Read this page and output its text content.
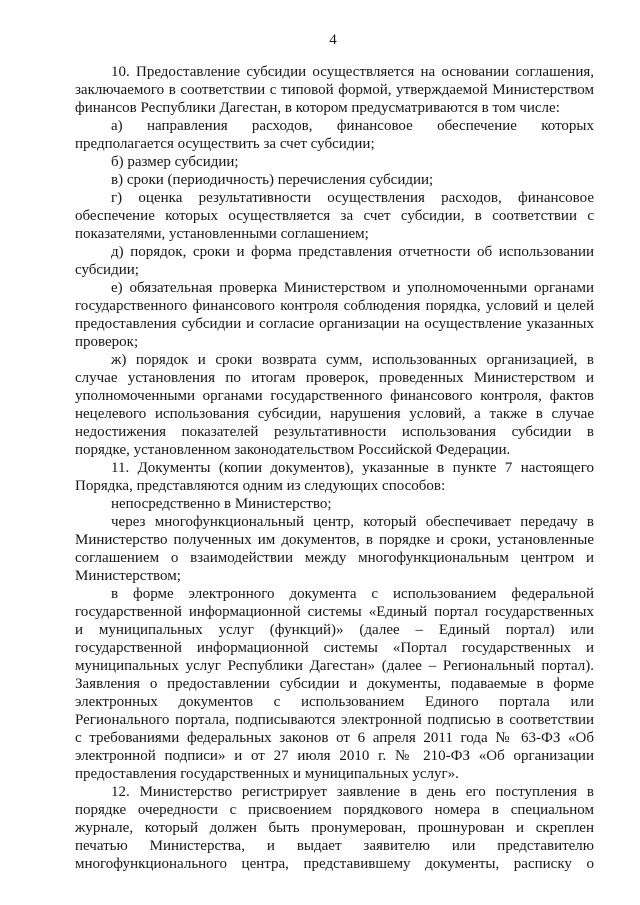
4
10. Предоставление субсидии осуществляется на основании соглашения,
заключаемого в соответствии с типовой формой, утверждаемой Министерством
финансов Республики Дагестан, в котором предусматриваются в том числе:
а) направления расходов, финансовое обеспечение которых
предполагается осуществить за счет субсидии;
б) размер субсидии;
в) сроки (периодичность) перечисления субсидии;
г) оценка результативности осуществления расходов, финансовое
обеспечение которых осуществляется за счет субсидии, в соответствии с
показателями, установленными соглашением;
д) порядок, сроки и форма представления отчетности об использовании
субсидии;
е) обязательная проверка Министерством и уполномоченными органами
государственного финансового контроля соблюдения порядка, условий и целей
предоставления субсидии и согласие организации на осуществление указанных
проверок;
ж) порядок и сроки возврата сумм, использованных организацией, в
случае установления по итогам проверок, проведенных Министерством и
уполномоченными органами государственного финансового контроля, фактов
нецелевого использования субсидии, нарушения условий, а также в случае
недостижения показателей результативности использования субсидии в
порядке, установленном законодательством Российской Федерации.
11. Документы (копии документов), указанные в пункте 7 настоящего
Порядка, представляются одним из следующих способов:
непосредственно в Министерство;
через многофункциональный центр, который обеспечивает передачу в
Министерство полученных им документов, в порядке и сроки, установленные
соглашением о взаимодействии между многофункциональным центром и
Министерством;
в форме электронного документа с использованием федеральной
государственной информационной системы «Единый портал государственных
и муниципальных услуг (функций)» (далее – Единый портал) или
государственной информационной системы «Портал государственных и
муниципальных услуг Республики Дагестан» (далее – Региональный портал).
Заявления о предоставлении субсидии и документы, подаваемые в форме
электронных документов с использованием Единого портала или
Регионального портала, подписываются электронной подписью в соответствии
с требованиями федеральных законов от 6 апреля 2011 года № 63-ФЗ «Об
электронной подписи» и от 27 июля 2010 г. № 210-ФЗ «Об организации
предоставления государственных и муниципальных услуг».
12. Министерство регистрирует заявление в день его поступления в
порядке очередности с присвоением порядкового номера в специальном
журнале, который должен быть пронумерован, прошнурован и скреплен
печатью Министерства, и выдает заявителю или представителю
многофункционального центра, представившему документы, расписку о
